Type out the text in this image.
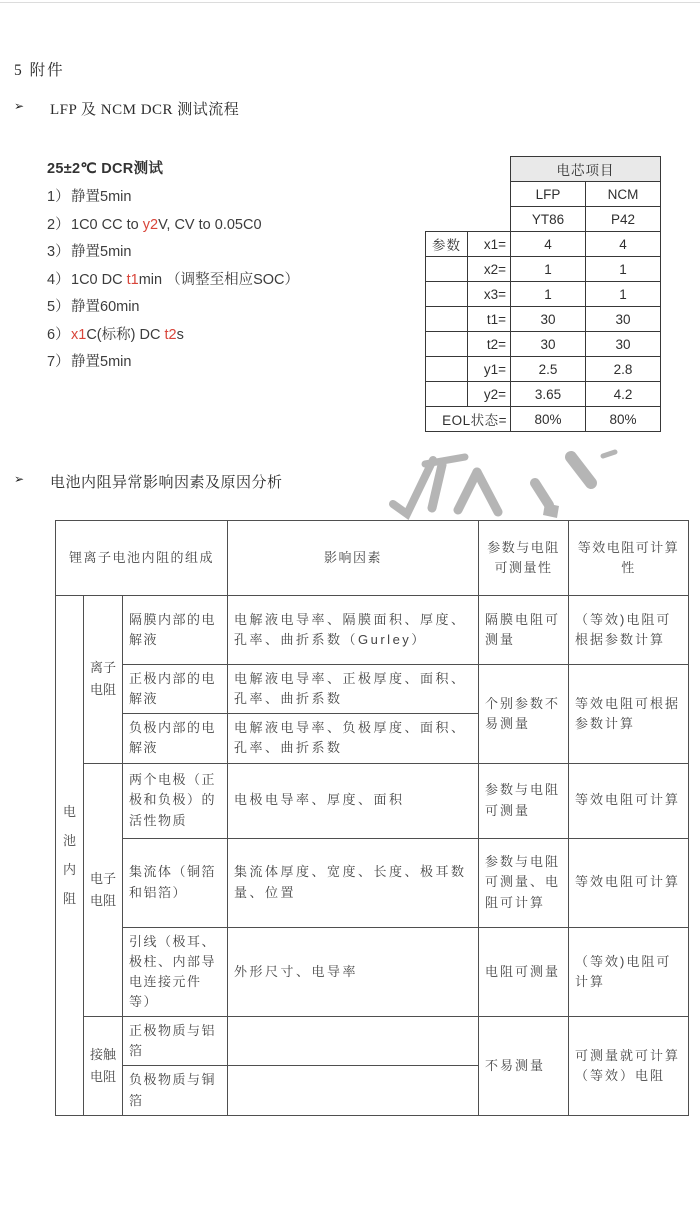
5 附件
➢ LFP 及 NCM DCR 测试流程
25±2℃ DCR测试
1）静置5min
2）1C0 CC to y2V, CV to 0.05C0
3）静置5min
4）1C0 DC t1min （调整至相应SOC）
5）静置60min
6）x1C(标称) DC t2s
7）静置5min
		电芯项目	
		LFP	NCM
		YT86	P42
参数	x1=	4	4
	x2=	1	1
	x3=	1	1
	t1=	30	30
	t2=	30	30
	y1=	2.5	2.8
	y2=	3.65	4.2
EOL状态=		80%	80%
➢ 电池内阻异常影响因素及原因分析
锂离子电池内阻的组成			影响因素	参数与电阻可测量性	等效电阻可计算性
电池内阻	离子电阻	隔膜内部的电解液	电解液电导率、隔膜面积、厚度、孔率、曲折系数（Gurley）	隔膜电阻可测量	（等效)电阻可根据参数计算
		正极内部的电解液	电解液电导率、正极厚度、面积、孔率、曲折系数	个别参数不易测量	等效电阻可根据参数计算
		负极内部的电解液	电解液电导率、负极厚度、面积、孔率、曲折系数		
	电子电阻	两个电极（正极和负极）的活性物质	电极电导率、厚度、面积	参数与电阻可测量	等效电阻可计算
		集流体（铜箔和铝箔）	集流体厚度、宽度、长度、极耳数量、位置	参数与电阻可测量、电阻可计算	等效电阻可计算
		引线（极耳、极柱、内部导电连接元件等）	外形尺寸、电导率	电阻可测量	（等效)电阻可计算
	接触电阻	正极物质与铝箔		不易测量	可测量就可计算（等效）电阻
		负极物质与铜箔			
